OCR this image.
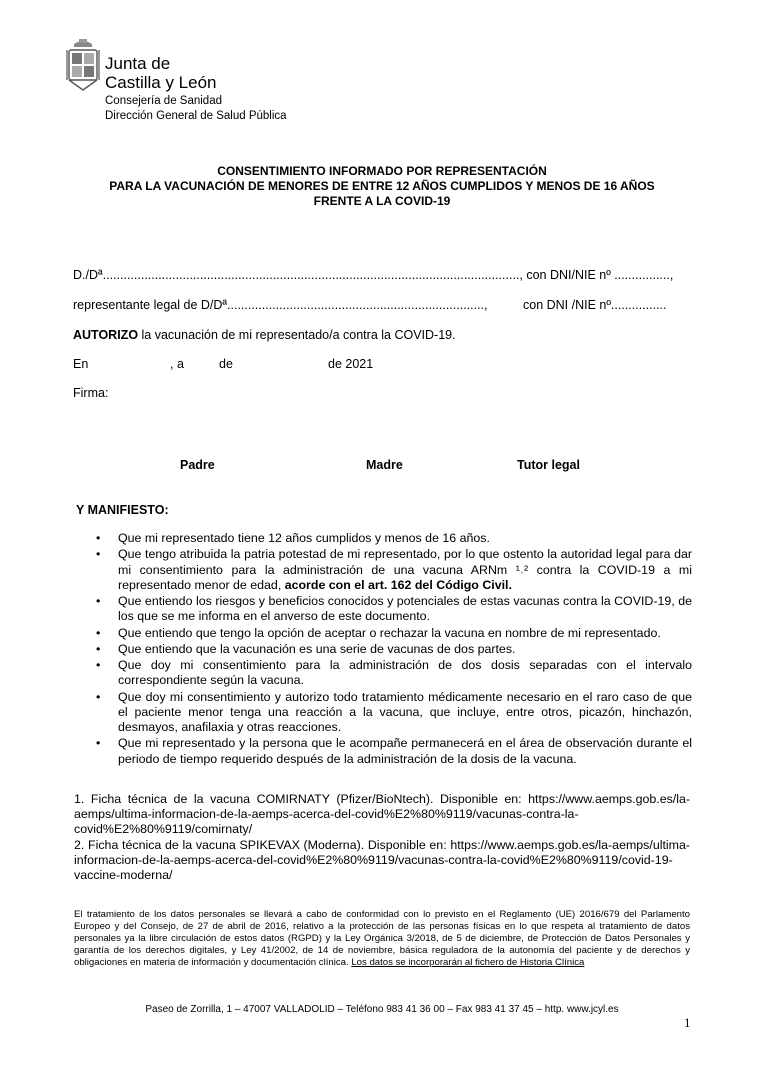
Junta de
Castilla y León
Consejería de Sanidad
Dirección General de Salud Pública
CONSENTIMIENTO INFORMADO POR REPRESENTACIÓN
PARA LA VACUNACIÓN DE MENORES DE ENTRE 12 AÑOS CUMPLIDOS Y MENOS DE 16 AÑOS
FRENTE A LA COVID-19
D./Dª........................................................................................................................, con DNI/NIE nº ................,
representante legal de D/Dª..........................................................................,	con DNI /NIE nº................
AUTORIZO la vacunación de mi representado/a contra la COVID-19.
En	, a	de	de 2021
Firma:
Padre	Madre	Tutor legal
Y MANIFIESTO:
• Que mi representado tiene 12 años cumplidos y menos de 16 años.
• Que tengo atribuida la patria potestad de mi representado, por lo que ostento la autoridad legal para dar mi consentimiento para la administración de una vacuna ARNm ¹˒² contra la COVID-19 a mi representado menor de edad, acorde con el art. 162 del Código Civil.
• Que entiendo los riesgos y beneficios conocidos y potenciales de estas vacunas contra la COVID-19, de los que se me informa en el anverso de este documento.
• Que entiendo que tengo la opción de aceptar o rechazar la vacuna en nombre de mi representado.
• Que entiendo que la vacunación es una serie de vacunas de dos partes.
• Que doy mi consentimiento para la administración de dos dosis separadas con el intervalo correspondiente según la vacuna.
• Que doy mi consentimiento y autorizo todo tratamiento médicamente necesario en el raro caso de que el paciente menor tenga una reacción a la vacuna, que incluye, entre otros, picazón, hinchazón, desmayos, anafilaxia y otras reacciones.
• Que mi representado y la persona que le acompañe permanecerá en el área de observación durante el periodo de tiempo requerido después de la administración de la dosis de la vacuna.

1. Ficha técnica de la vacuna COMIRNATY (Pfizer/BioNtech). Disponible en: https://www.aemps.gob.es/la-aemps/ultima-informacion-de-la-aemps-acerca-del-covid%E2%80%9119/vacunas-contra-la-covid%E2%80%9119/comirnaty/

2. Ficha técnica de la vacuna SPIKEVAX (Moderna). Disponible en: https://www.aemps.gob.es/la-aemps/ultima-informacion-de-la-aemps-acerca-del-covid%E2%80%9119/vacunas-contra-la-covid%E2%80%9119/covid-19-vaccine-moderna/

El tratamiento de los datos personales se llevará a cabo de conformidad con lo previsto en el Reglamento (UE) 2016/679 del Parlamento Europeo y del Consejo, de 27 de abril de 2016, relativo a la protección de las personas físicas en lo que respeta al tratamiento de datos personales ya la libre circulación de estos datos (RGPD) y la Ley Orgánica 3/2018, de 5 de diciembre, de Protección de Datos Personales y garantía de los derechos digitales, y Ley 41/2002, de 14 de noviembre, básica reguladora de la autonomía del paciente y de derechos y obligaciones en materia de información y documentación clínica. Los datos se incorporarán al fichero de Historia Clínica
Paseo de Zorrilla, 1 – 47007 VALLADOLID – Teléfono 983 41 36 00 – Fax 983 41 37 45 – http. www.jcyl.es
1
